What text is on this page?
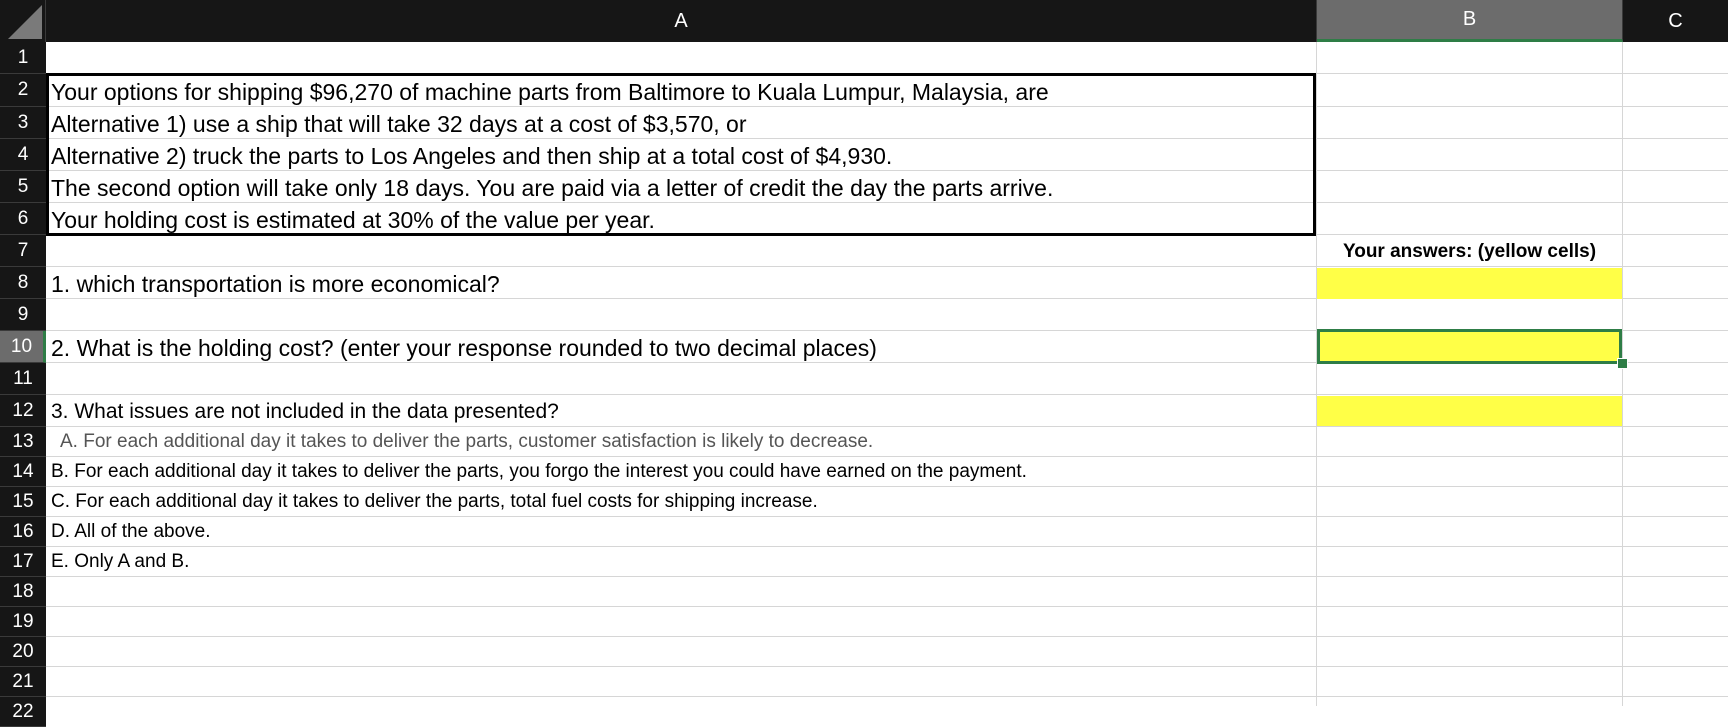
A	B	C
1
2
3
4
5
6
7
8
9
10
11
12
13
14
15
16
17
18
19
20
21
22
Your options for shipping $96,270 of machine parts from Baltimore to Kuala Lumpur, Malaysia, are
Alternative 1) use a ship that will take 32 days at a cost of $3,570, or
Alternative 2) truck the parts to Los Angeles and then ship at a total cost of $4,930.
The second option will take only 18 days. You are paid via a letter of credit the day the parts arrive.
Your holding cost is estimated at 30% of the value per year.
Your answers: (yellow cells)
1. which transportation is more economical?
2. What is the holding cost? (enter your response rounded to two decimal places)
3. What issues are not included in the data presented?
A. For each additional day it takes to deliver the parts, customer satisfaction is likely to decrease.
B. For each additional day it takes to deliver the parts, you forgo the interest you could have earned on the payment.
C. For each additional day it takes to deliver the parts, total fuel costs for shipping increase.
D. All of the above.
E. Only A and B.
